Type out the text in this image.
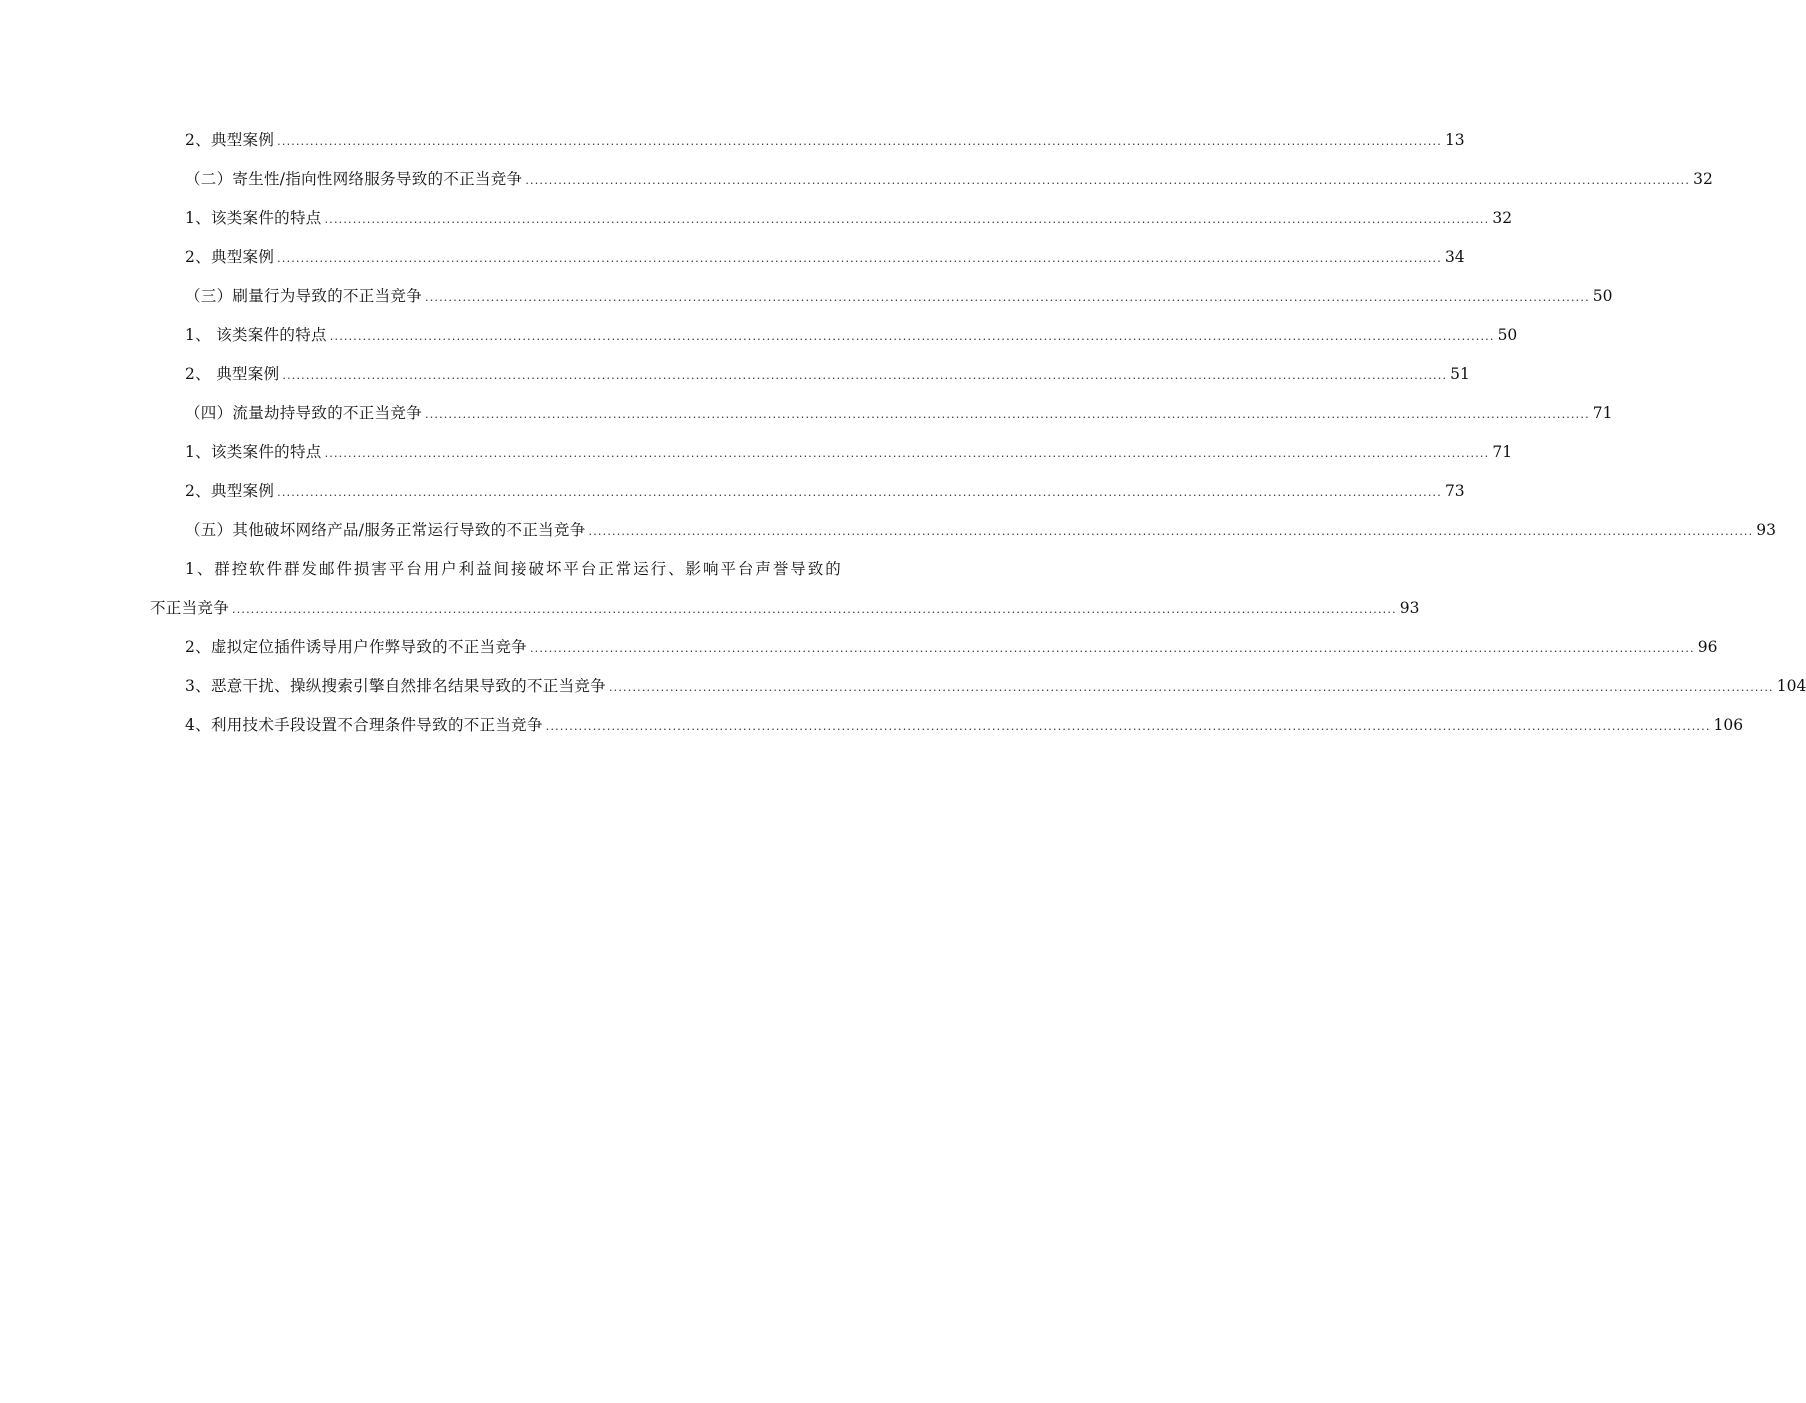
2、典型案例 ........................................................................................................................................................................................................................................................ 13
（二）寄生性/指向性网络服务导致的不正当竞争 ........................................................................................................................................................................................................................................................ 32
1、该类案件的特点 ........................................................................................................................................................................................................................................................ 32
2、典型案例 ........................................................................................................................................................................................................................................................ 34
（三）刷量行为导致的不正当竞争 ........................................................................................................................................................................................................................................................ 50
1、 该类案件的特点 ........................................................................................................................................................................................................................................................ 50
2、 典型案例 ........................................................................................................................................................................................................................................................ 51
（四）流量劫持导致的不正当竞争 ........................................................................................................................................................................................................................................................ 71
1、该类案件的特点 ........................................................................................................................................................................................................................................................ 71
2、典型案例 ........................................................................................................................................................................................................................................................ 73
（五）其他破坏网络产品/服务正常运行导致的不正当竞争 ........................................................................................................................................................................................................................................................ 93
1、群控软件群发邮件损害平台用户利益间接破坏平台正常运行、影响平台声誉导致的
不正当竞争 ........................................................................................................................................................................................................................................................ 93
2、虚拟定位插件诱导用户作弊导致的不正当竞争 ........................................................................................................................................................................................................................................................ 96
3、恶意干扰、操纵搜索引擎自然排名结果导致的不正当竞争 ........................................................................................................................................................................................................................................................ 104
4、利用技术手段设置不合理条件导致的不正当竞争 ........................................................................................................................................................................................................................................................ 106
